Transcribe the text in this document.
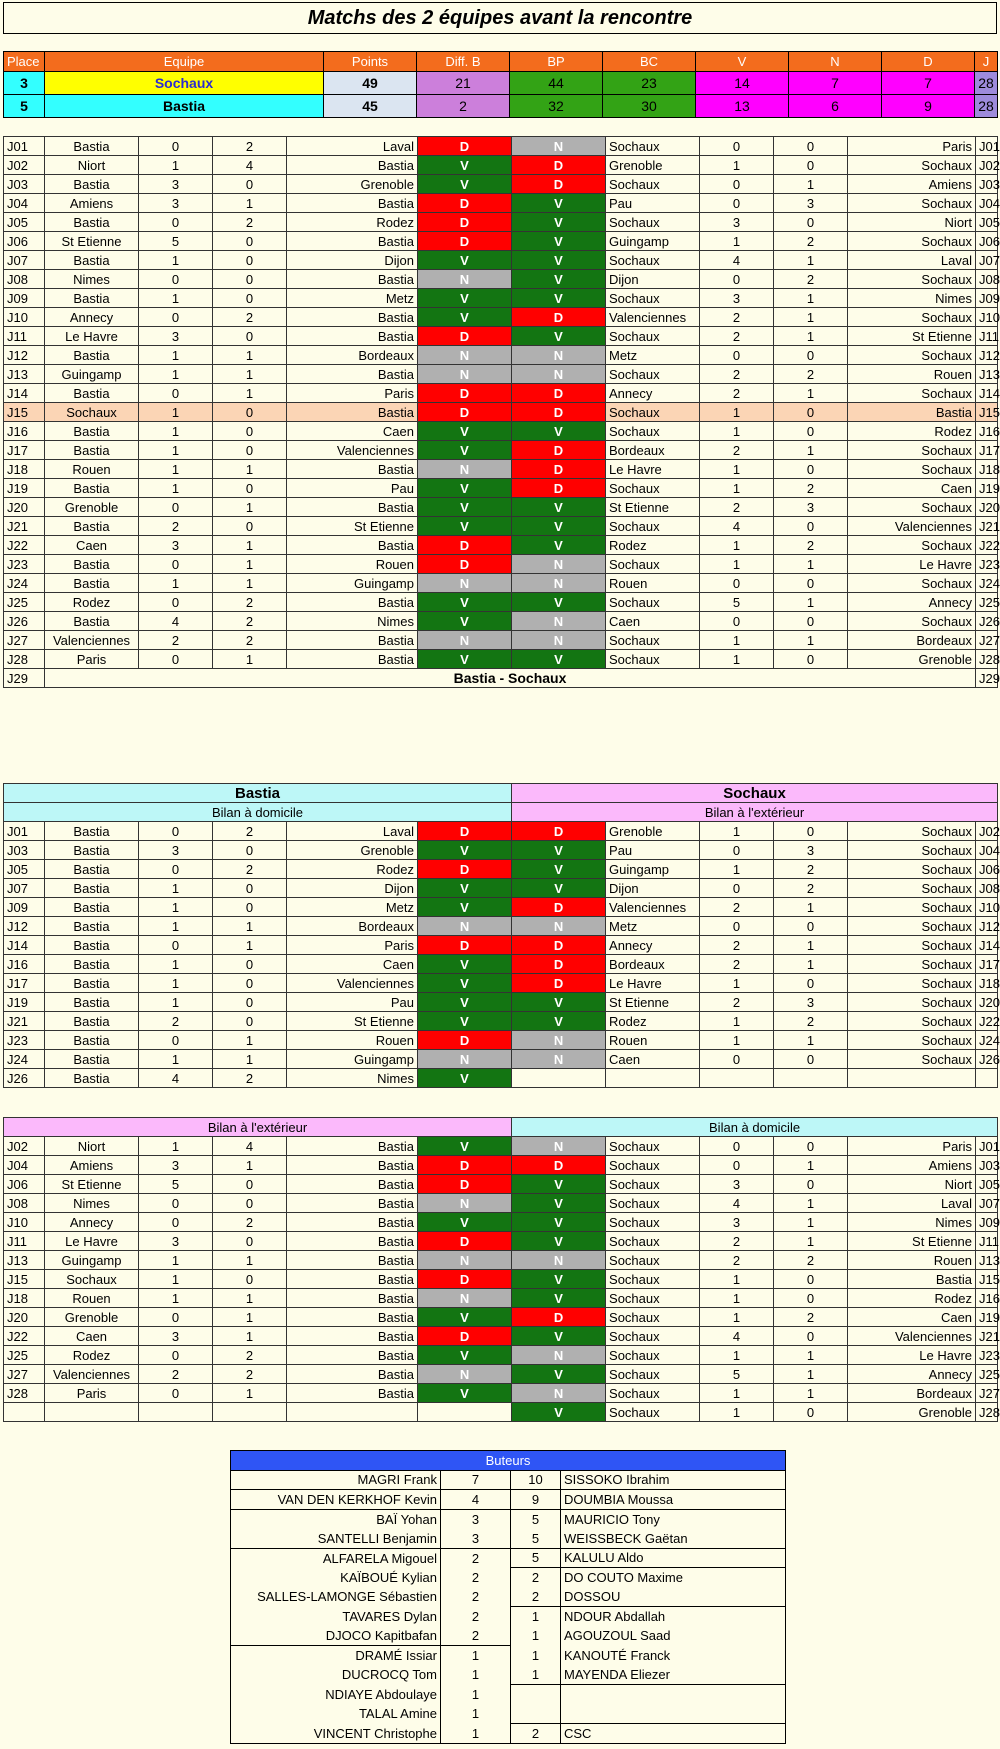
Matchs des 2 équipes avant la rencontre
Place	Equipe	Points	Diff. B	BP	BC	V	N	D	J
3	Sochaux	49	21	44	23	14	7	7	28
5	Bastia	45	2	32	30	13	6	9	28
J01	Bastia	0	2	Laval	D	N	Sochaux	0	0	Paris	J01
J02	Niort	1	4	Bastia	V	D	Grenoble	1	0	Sochaux	J02
J03	Bastia	3	0	Grenoble	V	D	Sochaux	0	1	Amiens	J03
J04	Amiens	3	1	Bastia	D	V	Pau	0	3	Sochaux	J04
J05	Bastia	0	2	Rodez	D	V	Sochaux	3	0	Niort	J05
J06	St Etienne	5	0	Bastia	D	V	Guingamp	1	2	Sochaux	J06
J07	Bastia	1	0	Dijon	V	V	Sochaux	4	1	Laval	J07
J08	Nimes	0	0	Bastia	N	V	Dijon	0	2	Sochaux	J08
J09	Bastia	1	0	Metz	V	V	Sochaux	3	1	Nimes	J09
J10	Annecy	0	2	Bastia	V	D	Valenciennes	2	1	Sochaux	J10
J11	Le Havre	3	0	Bastia	D	V	Sochaux	2	1	St Etienne	J11
J12	Bastia	1	1	Bordeaux	N	N	Metz	0	0	Sochaux	J12
J13	Guingamp	1	1	Bastia	N	N	Sochaux	2	2	Rouen	J13
J14	Bastia	0	1	Paris	D	D	Annecy	2	1	Sochaux	J14
J15	Sochaux	1	0	Bastia	D	D	Sochaux	1	0	Bastia	J15
J16	Bastia	1	0	Caen	V	V	Sochaux	1	0	Rodez	J16
J17	Bastia	1	0	Valenciennes	V	D	Bordeaux	2	1	Sochaux	J17
J18	Rouen	1	1	Bastia	N	D	Le Havre	1	0	Sochaux	J18
J19	Bastia	1	0	Pau	V	D	Sochaux	1	2	Caen	J19
J20	Grenoble	0	1	Bastia	V	V	St Etienne	2	3	Sochaux	J20
J21	Bastia	2	0	St Etienne	V	V	Sochaux	4	0	Valenciennes	J21
J22	Caen	3	1	Bastia	D	V	Rodez	1	2	Sochaux	J22
J23	Bastia	0	1	Rouen	D	N	Sochaux	1	1	Le Havre	J23
J24	Bastia	1	1	Guingamp	N	N	Rouen	0	0	Sochaux	J24
J25	Rodez	0	2	Bastia	V	V	Sochaux	5	1	Annecy	J25
J26	Bastia	4	2	Nimes	V	N	Caen	0	0	Sochaux	J26
J27	Valenciennes	2	2	Bastia	N	N	Sochaux	1	1	Bordeaux	J27
J28	Paris	0	1	Bastia	V	V	Sochaux	1	0	Grenoble	J28
J29	Bastia - Sochaux										J29
Bastia						Sochaux					
Bilan à domicile						Bilan à l'extérieur					
J01	Bastia	0	2	Laval	D	D	Grenoble	1	0	Sochaux	J02
J03	Bastia	3	0	Grenoble	V	V	Pau	0	3	Sochaux	J04
J05	Bastia	0	2	Rodez	D	V	Guingamp	1	2	Sochaux	J06
J07	Bastia	1	0	Dijon	V	V	Dijon	0	2	Sochaux	J08
J09	Bastia	1	0	Metz	V	D	Valenciennes	2	1	Sochaux	J10
J12	Bastia	1	1	Bordeaux	N	N	Metz	0	0	Sochaux	J12
J14	Bastia	0	1	Paris	D	D	Annecy	2	1	Sochaux	J14
J16	Bastia	1	0	Caen	V	D	Bordeaux	2	1	Sochaux	J17
J17	Bastia	1	0	Valenciennes	V	D	Le Havre	1	0	Sochaux	J18
J19	Bastia	1	0	Pau	V	V	St Etienne	2	3	Sochaux	J20
J21	Bastia	2	0	St Etienne	V	V	Rodez	1	2	Sochaux	J22
J23	Bastia	0	1	Rouen	D	N	Rouen	1	1	Sochaux	J24
J24	Bastia	1	1	Guingamp	N	N	Caen	0	0	Sochaux	J26
J26	Bastia	4	2	Nimes	V						
Bilan à l'extérieur						Bilan à domicile					
J02	Niort	1	4	Bastia	V	N	Sochaux	0	0	Paris	J01
J04	Amiens	3	1	Bastia	D	D	Sochaux	0	1	Amiens	J03
J06	St Etienne	5	0	Bastia	D	V	Sochaux	3	0	Niort	J05
J08	Nimes	0	0	Bastia	N	V	Sochaux	4	1	Laval	J07
J10	Annecy	0	2	Bastia	V	V	Sochaux	3	1	Nimes	J09
J11	Le Havre	3	0	Bastia	D	V	Sochaux	2	1	St Etienne	J11
J13	Guingamp	1	1	Bastia	N	N	Sochaux	2	2	Rouen	J13
J15	Sochaux	1	0	Bastia	D	V	Sochaux	1	0	Bastia	J15
J18	Rouen	1	1	Bastia	N	V	Sochaux	1	0	Rodez	J16
J20	Grenoble	0	1	Bastia	V	D	Sochaux	1	2	Caen	J19
J22	Caen	3	1	Bastia	D	V	Sochaux	4	0	Valenciennes	J21
J25	Rodez	0	2	Bastia	V	N	Sochaux	1	1	Le Havre	J23
J27	Valenciennes	2	2	Bastia	N	V	Sochaux	5	1	Annecy	J25
J28	Paris	0	1	Bastia	V	N	Sochaux	1	1	Bordeaux	J27
						V	Sochaux	1	0	Grenoble	J28
Buteurs			
MAGRI Frank	7	10	SISSOKO Ibrahim
VAN DEN KERKHOF Kevin	4	9	DOUMBIA Moussa
BAÏ Yohan	3	5	MAURICIO Tony
SANTELLI Benjamin	3	5	WEISSBECK Gaëtan
ALFARELA Migouel	2	5	KALULU Aldo
KAÏBOUÉ Kylian	2	2	DO COUTO Maxime
SALLES-LAMONGE Sébastien	2	2	DOSSOU
TAVARES Dylan	2	1	NDOUR Abdallah
DJOCO Kapitbafan	2	1	AGOUZOUL Saad
DRAMÉ Issiar	1	1	KANOUTÉ Franck
DUCROCQ Tom	1	1	MAYENDA Eliezer
NDIAYE Abdoulaye	1		
TALAL Amine	1		
VINCENT Christophe	1	2	CSC
